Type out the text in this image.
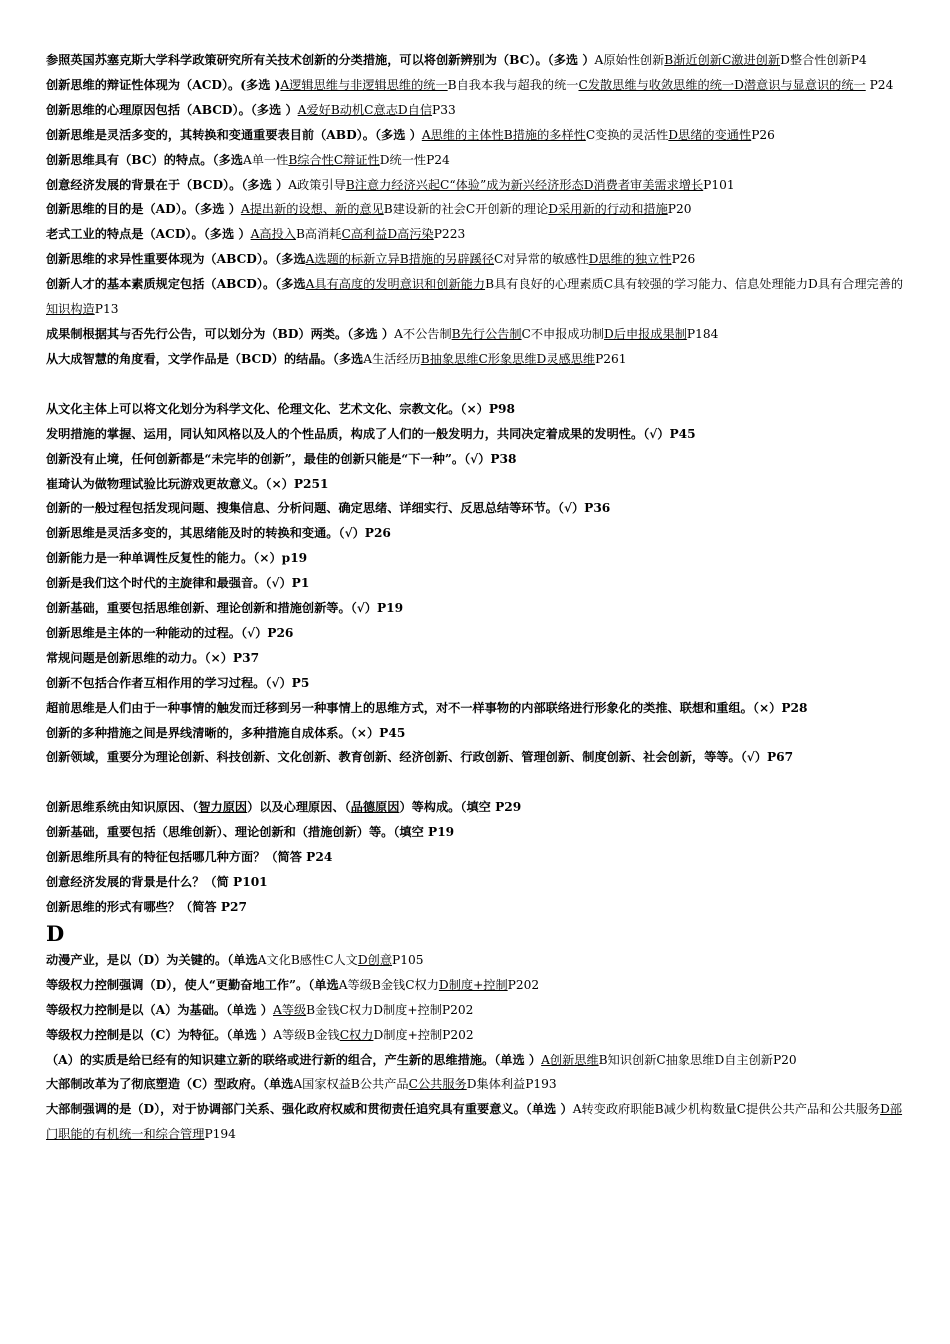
参照英国苏塞克斯大学科学政策研究所有关技术创新的分类措施，可以将创新辨别为（BC）。（多选 ）A原始性创新B渐近创新C激进创新D整合性创新P4

创新思维的辩证性体现为（ACD）。(多选 )A逻辑思维与非逻辑思维的统一B自我本我与超我的统一C发散思维与收敛思维的统一D潜意识与显意识的统一 P24

创新思维的心理原因包括（ABCD）。（多选 ）A爱好B动机C意志D自信P33

创新思维是灵活多变的，其转换和变通重要表目前（ABD）。（多选 ）A思维的主体性B措施的多样性C变换的灵活性D思绪的变通性P26

创新思维具有（BC）的特点。（多选A单一性B综合性C辩证性D统一性P24

创意经济发展的背景在于（BCD）。（多选 ）A政策引导B注意力经济兴起C“体验”成为新兴经济形态D消费者审美需求增长P101

创新思维的目的是（AD）。（多选 ）A提出新的设想、新的意见B建设新的社会C开创新的理论D采用新的行动和措施P20

老式工业的特点是（ACD）。（多选 ）A高投入B高消耗C高利益D高污染P223

创新思维的求异性重要体现为（ABCD）。（多选A选题的标新立异B措施的另辟蹊径C对异常的敏感性D思维的独立性P26

创新人才的基本素质规定包括（ABCD）。（多选A具有高度的发明意识和创新能力B具有良好的心理素质C具有较强的学习能力、信息处理能力D具有合理完善的知识构造P13

成果制根据其与否先行公告，可以划分为（BD）两类。（多选 ）A不公告制B先行公告制C不申报成功制D后申报成果制P184

从大成智慧的角度看，文学作品是（BCD）的结晶。（多选A生活经历B抽象思维C形象思维D灵感思维P261

从文化主体上可以将文化划分为科学文化、伦理文化、艺术文化、宗教文化。（×）P98

发明措施的掌握、运用，同认知风格以及人的个性品质，构成了人们的一般发明力，共同决定着成果的发明性。（√）P45

创新没有止境，任何创新都是“未完毕的创新”，最佳的创新只能是“下一种”。（√）P38

崔琦认为做物理试验比玩游戏更故意义。（×）P251

创新的一般过程包括发现问题、搜集信息、分析问题、确定思绪、详细实行、反思总结等环节。（√）P36

创新思维是灵活多变的，其思绪能及时的转换和变通。（√）P26

创新能力是一种单调性反复性的能力。（×）p19

创新是我们这个时代的主旋律和最强音。（√）P1

创新基础，重要包括思维创新、理论创新和措施创新等。（√）P19

创新思维是主体的一种能动的过程。（√）P26

常规问题是创新思维的动力。（×）P37

创新不包括合作者互相作用的学习过程。（√）P5

超前思维是人们由于一种事情的触发而迁移到另一种事情上的思维方式，对不一样事物的内部联络进行形象化的类推、联想和重组。（×）P28

创新的多种措施之间是界线清晰的，多种措施自成体系。（×）P45

创新领域，重要分为理论创新、科技创新、文化创新、教育创新、经济创新、行政创新、管理创新、制度创新、社会创新，等等。（√）P67

创新思维系统由知识原因、（智力原因）以及心理原因、（品德原因）等构成。（填空 P29

创新基础，重要包括（思维创新）、理论创新和（措施创新）等。（填空 P19

创新思维所具有的特征包括哪几种方面？（简答 P24

创意经济发展的背景是什么？（简 P101

创新思维的形式有哪些？（简答 P27

D

动漫产业，是以（D）为关键的。（单选A文化B感性C人文D创意P105

等级权力控制强调（D），使人“更勤奋地工作”。（单选A等级B金钱C权力D制度+控制P202

等级权力控制是以（A）为基础。（单选 ）A等级B金钱C权力D制度+控制P202

等级权力控制是以（C）为特征。（单选 ）A等级B金钱C权力D制度+控制P202

（A）的实质是给已经有的知识建立新的联络或进行新的组合，产生新的思维措施。（单选 ）A创新思维B知识创新C抽象思维D自主创新P20

大部制改革为了彻底塑造（C）型政府。（单选A国家权益B公共产品C公共服务D集体利益P193

大部制强调的是（D），对于协调部门关系、强化政府权威和贯彻责任追究具有重要意义。（单选 ）A转变政府职能B减少机构数量C提供公共产品和公共服务D部门职能的有机统一和综合管理P194
